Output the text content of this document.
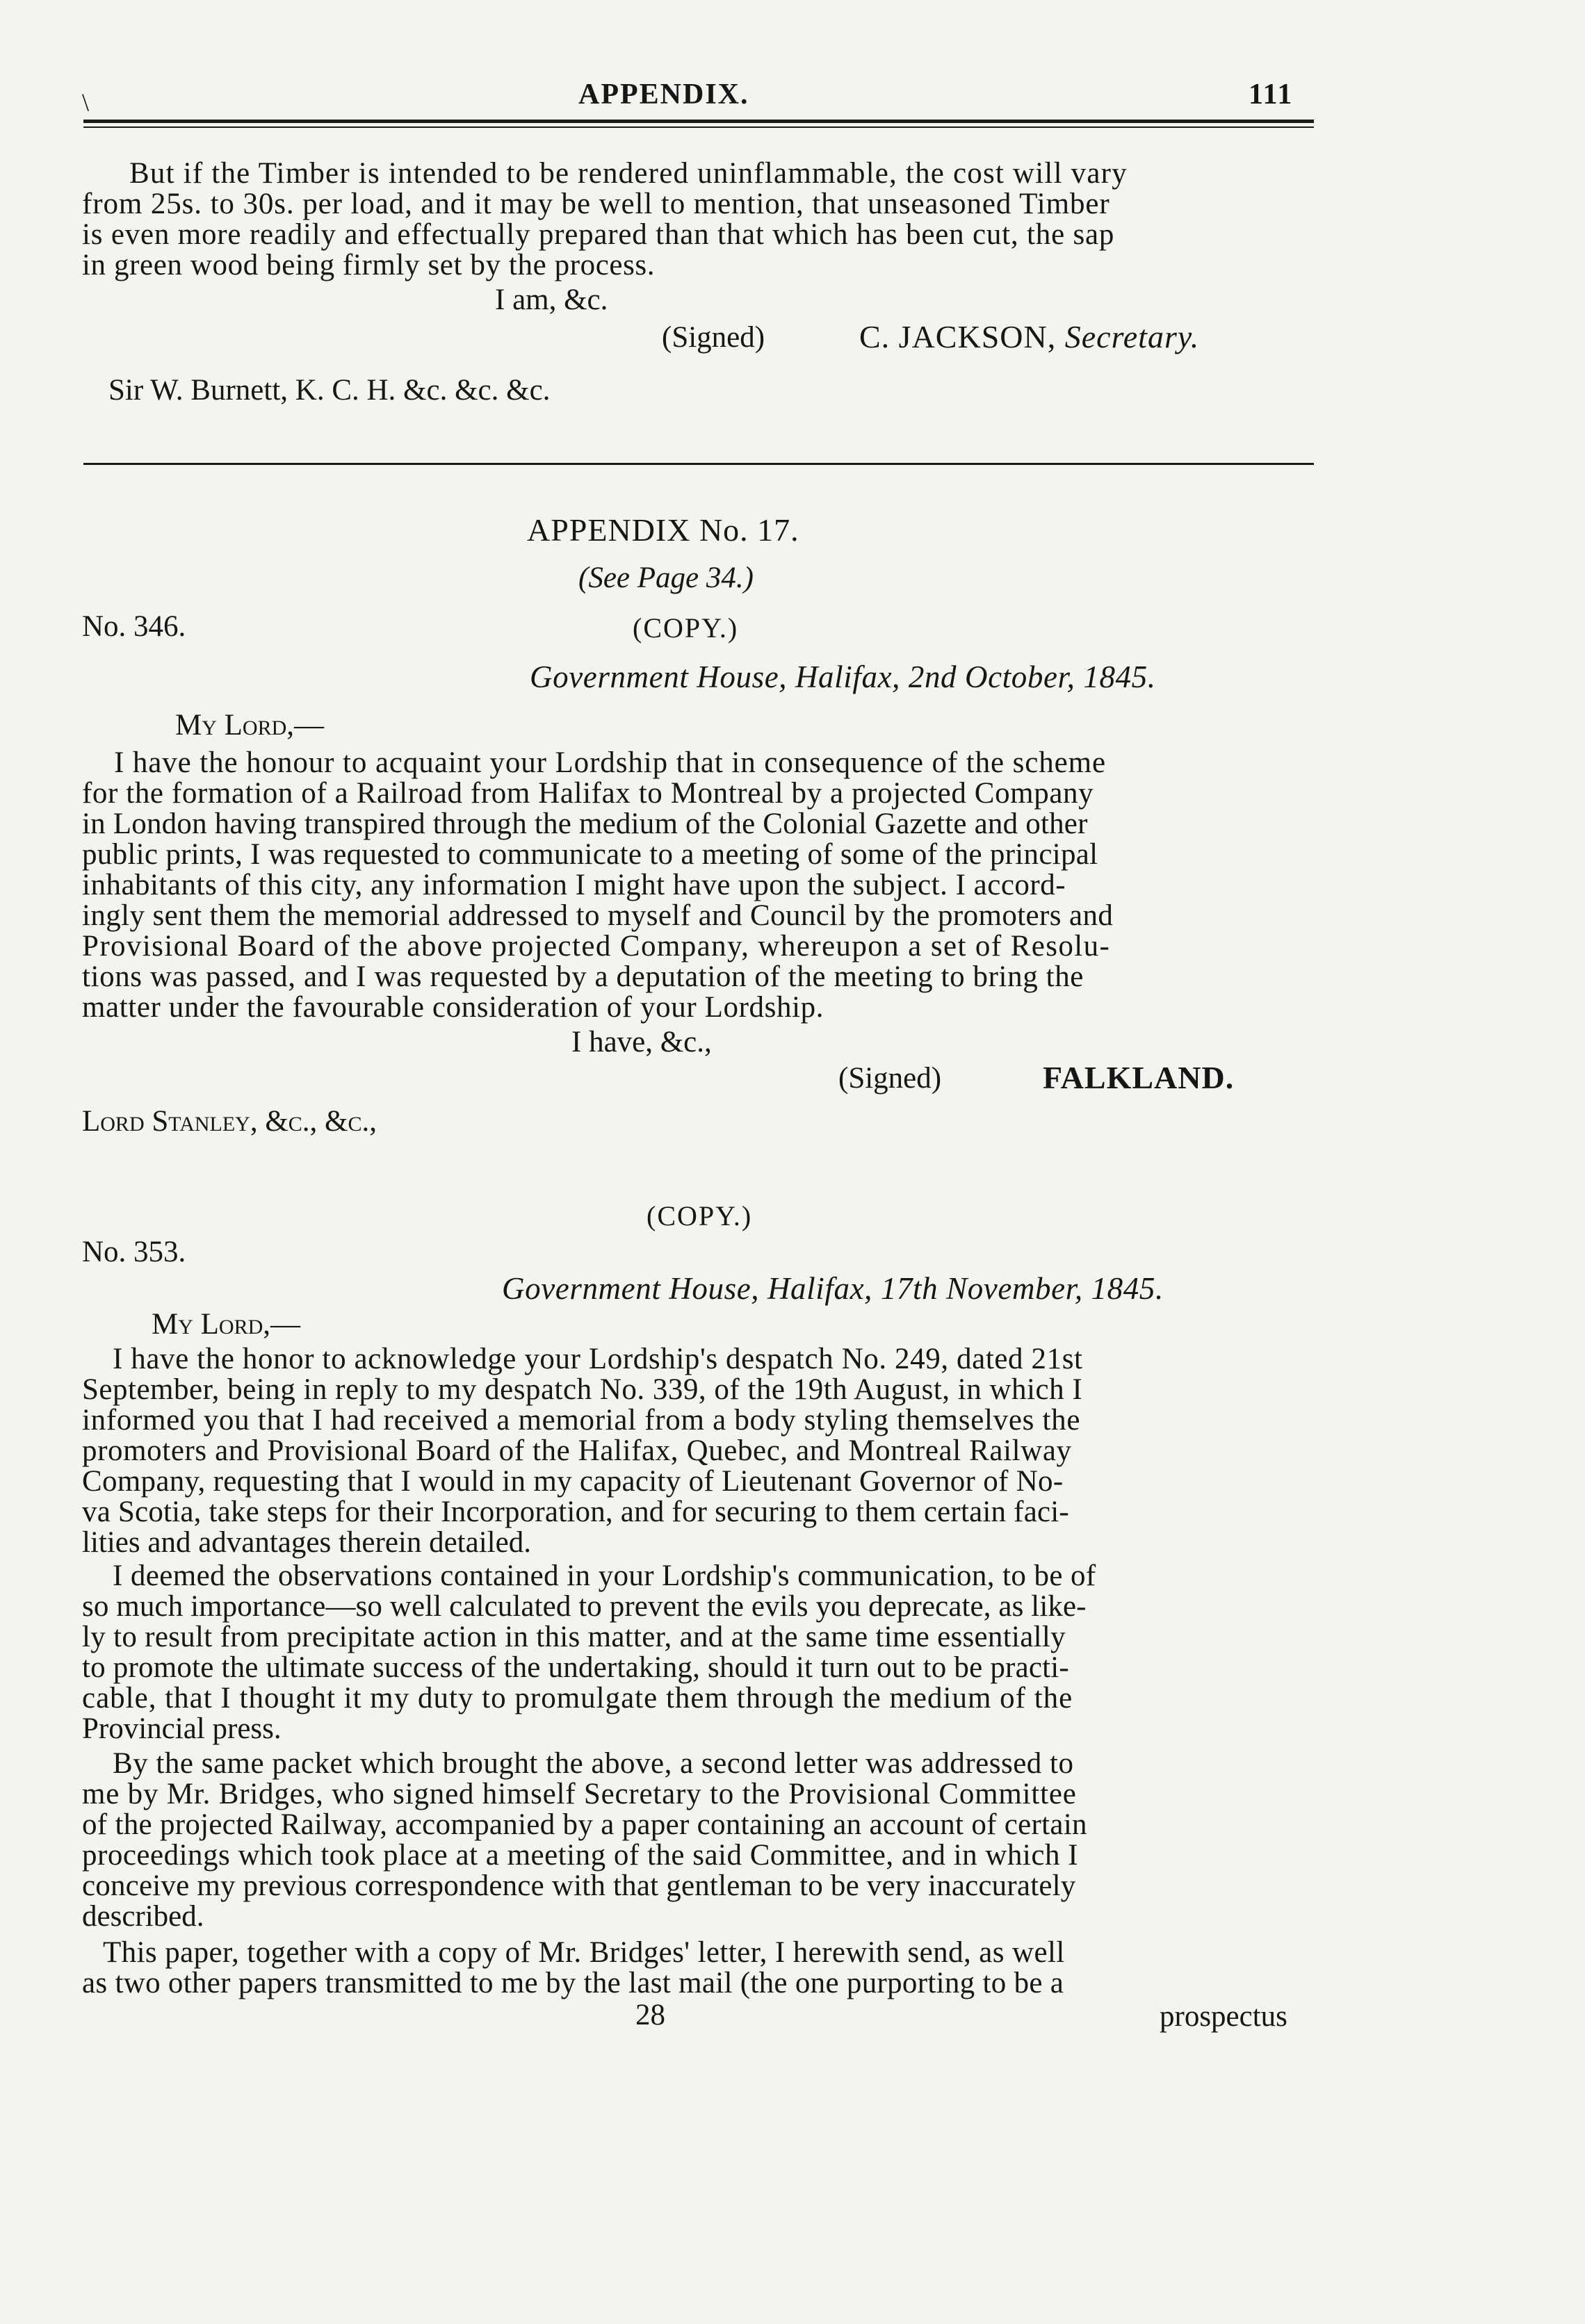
\	APPENDIX.	111

But if the Timber is intended to be rendered uninflammable, the cost will vary

from 25s. to 30s. per load, and it may be well to mention, that unseasoned Timber

is even more readily and effectually prepared than that which has been cut, the sap

in green wood being firmly set by the process.

I am, &c.

(Signed)	C. JACKSON, Secretary.

Sir W. Burnett, K. C. H. &c. &c. &c.

APPENDIX No. 17.

(See Page 34.)

No. 346.	(COPY.)

Government House, Halifax, 2nd October, 1845.

My Lord,—

I have the honour to acquaint your Lordship that in consequence of the scheme

for the formation of a Railroad from Halifax to Montreal by a projected Company

in London having transpired through the medium of the Colonial Gazette and other

public prints, I was requested to communicate to a meeting of some of the principal

inhabitants of this city, any information I might have upon the subject. I accord-

ingly sent them the memorial addressed to myself and Council by the promoters and

Provisional Board of the above projected Company, whereupon a set of Resolu-

tions was passed, and I was requested by a deputation of the meeting to bring the

matter under the favourable consideration of your Lordship.

I have, &c.,

(Signed)	FALKLAND.

Lord Stanley, &c., &c.,

(COPY.)

No. 353.

Government House, Halifax, 17th November, 1845.

My Lord,—

I have the honor to acknowledge your Lordship's despatch No. 249, dated 21st

September, being in reply to my despatch No. 339, of the 19th August, in which I

informed you that I had received a memorial from a body styling themselves the

promoters and Provisional Board of the Halifax, Quebec, and Montreal Railway

Company, requesting that I would in my capacity of Lieutenant Governor of No-

va Scotia, take steps for their Incorporation, and for securing to them certain faci-

lities and advantages therein detailed.

I deemed the observations contained in your Lordship's communication, to be of

so much importance—so well calculated to prevent the evils you deprecate, as like-

ly to result from precipitate action in this matter, and at the same time essentially

to promote the ultimate success of the undertaking, should it turn out to be practi-

cable, that I thought it my duty to promulgate them through the medium of the

Provincial press.

By the same packet which brought the above, a second letter was addressed to

me by Mr. Bridges, who signed himself Secretary to the Provisional Committee

of the projected Railway, accompanied by a paper containing an account of certain

proceedings which took place at a meeting of the said Committee, and in which I

conceive my previous correspondence with that gentleman to be very inaccurately

described.

This paper, together with a copy of Mr. Bridges' letter, I herewith send, as well

as two other papers transmitted to me by the last mail (the one purporting to be a

28	prospectus
